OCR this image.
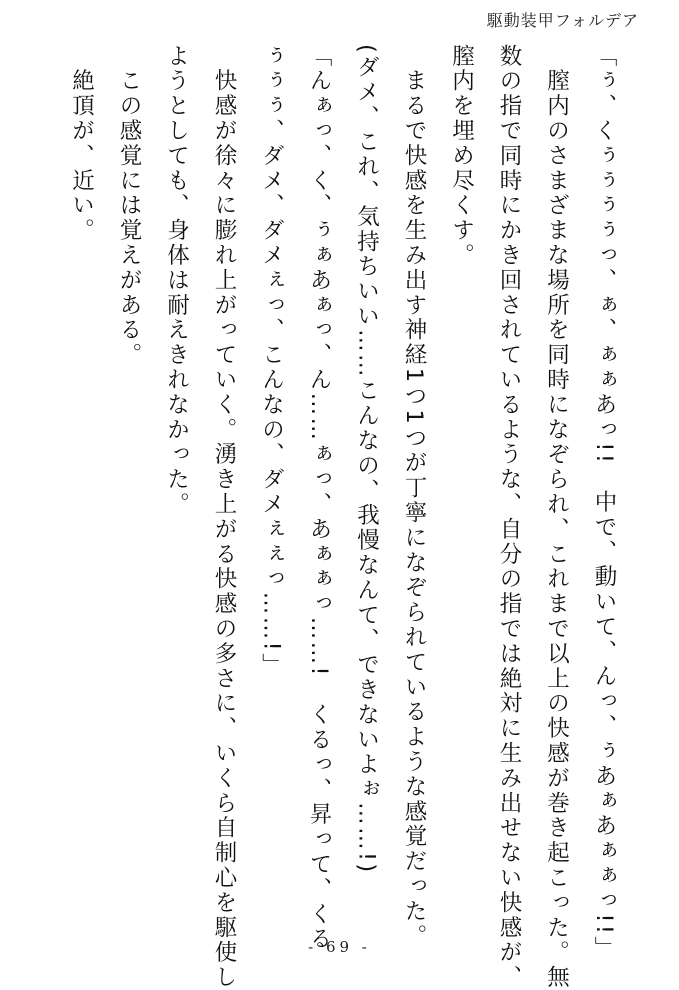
駆動装甲フォルデア
「ぅ、くぅぅぅぅっ、ぁ、ぁぁあっ!!　中で、動いて、んっ、ぅあぁあぁぁっ!!」
　膣内のさまざまな場所を同時になぞられ、これまで以上の快感が巻き起こった。無
数の指で同時にかき回されているような、自分の指では絶対に生み出せない快感が、
膣内を埋め尽くす。
　まるで快感を生み出す神経1つ1つが丁寧になぞられているような感覚だった。
(ダメ、これ、気持ちいい……こんなの、我慢なんて、できないよぉ……!)
「んぁっ、く、ぅぁあぁっ、ん……ぁっ、あぁぁっ……!　くるっ、昇って、くる
ぅぅぅ、ダメ、ダメぇっ、こんなの、ダメぇぇっ……!」
　快感が徐々に膨れ上がっていく。湧き上がる快感の多さに、いくら自制心を駆使し
ようとしても、身体は耐えきれなかった。
　この感覚には覚えがある。
　絶頂が、近い。
- 69 -
